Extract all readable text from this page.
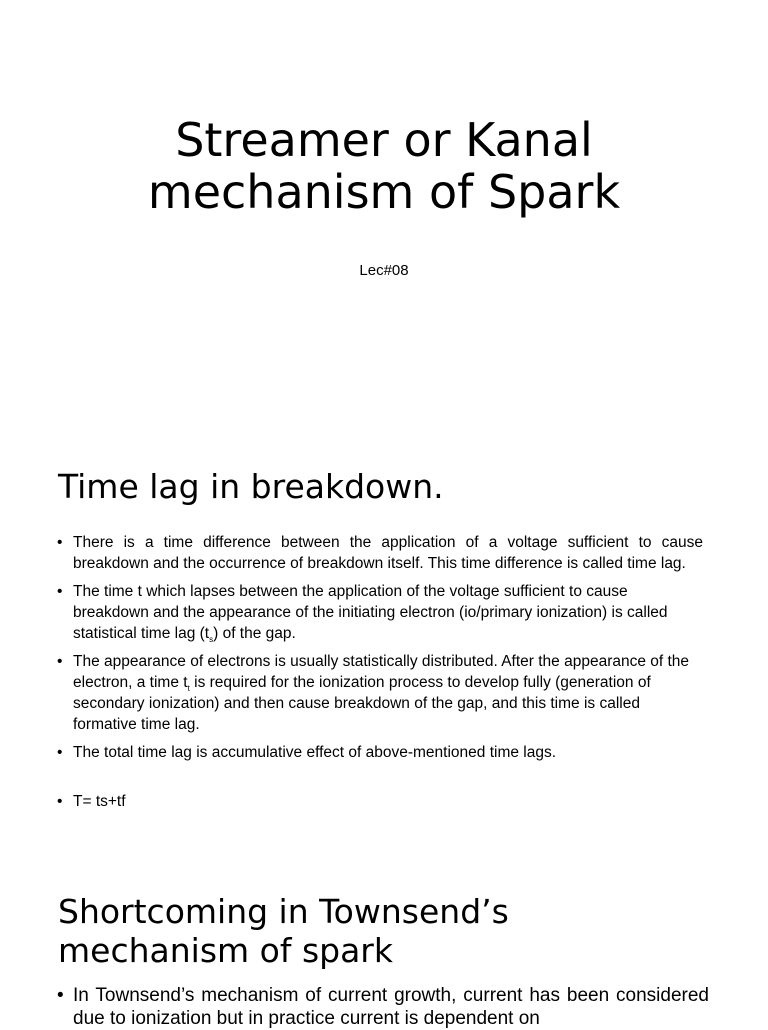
Streamer or Kanal
mechanism of Spark
Lec#08
Time lag in breakdown.
• There is a time difference between the application of a voltage sufficient to cause breakdown and the occurrence of breakdown itself. This time difference is called time lag.
• The time t which lapses between the application of the voltage sufficient to cause breakdown and the appearance of the initiating electron (io/primary ionization) is called statistical time lag $(t_s)$ of the gap.
• The appearance of electrons is usually statistically distributed. After the appearance of the electron, a time $t_t$ is required for the ionization process to develop fully (generation of secondary ionization) and then cause breakdown of the gap, and this time is called formative time lag.
• The total time lag is accumulative effect of above-mentioned time lags.
• T= ts+tf
Shortcoming in Townsend’s
mechanism of spark
• In Townsend’s mechanism of current growth, current has been considered due to ionization but in practice current is dependent on
